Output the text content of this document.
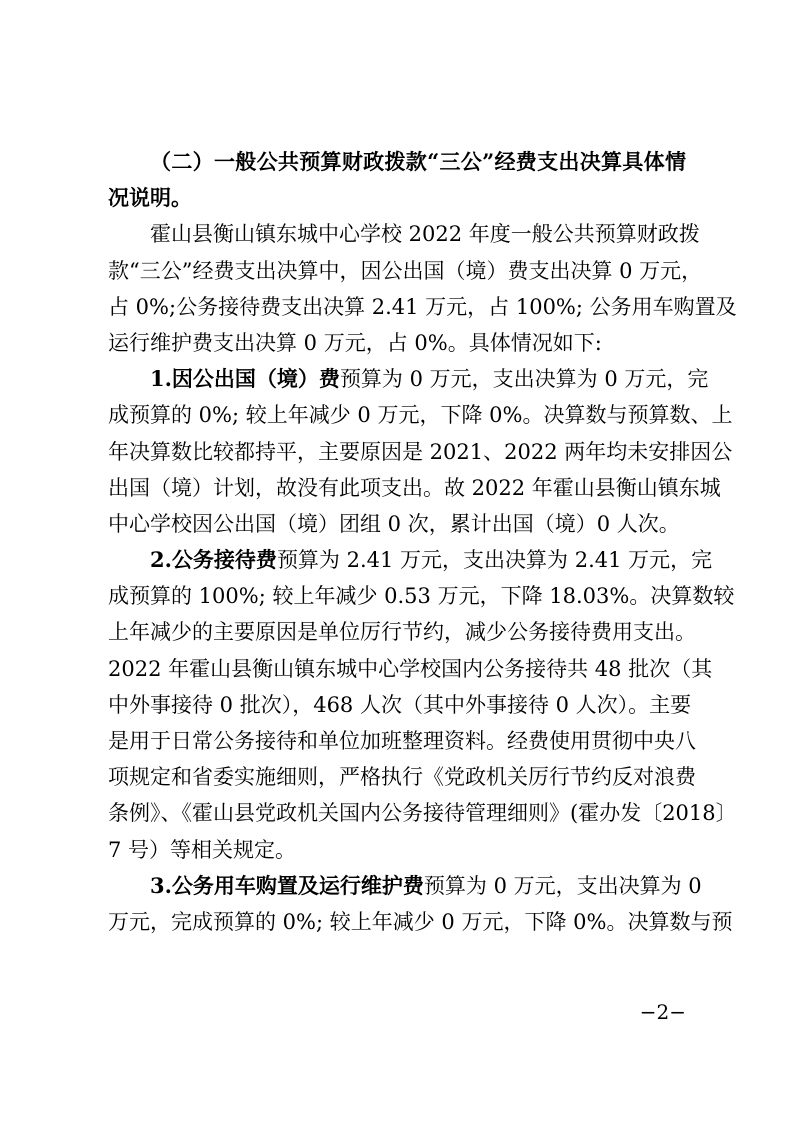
（二）一般公共预算财政拨款“三公”经费支出决算具体情
况说明。
霍山县衡山镇东城中心学校 2022 年度一般公共预算财政拨
款“三公”经费支出决算中，因公出国（境）费支出决算 0 万元，
占 0%;公务接待费支出决算 2.41 万元，占 100%; 公务用车购置及
运行维护费支出决算 0 万元，占 0%。具体情况如下:
1.因公出国（境）费预算为 0 万元，支出决算为 0 万元，完
成预算的 0%; 较上年减少 0 万元，下降 0%。决算数与预算数、上
年决算数比较都持平，主要原因是 2021、2022 两年均未安排因公
出国（境）计划，故没有此项支出。故 2022 年霍山县衡山镇东城
中心学校因公出国（境）团组 0 次，累计出国（境）0 人次。
2.公务接待费预算为 2.41 万元，支出决算为 2.41 万元，完
成预算的 100%; 较上年减少 0.53 万元，下降 18.03%。决算数较
上年减少的主要原因是单位厉行节约，减少公务接待费用支出。
2022 年霍山县衡山镇东城中心学校国内公务接待共 48 批次（其
中外事接待 0 批次），468 人次（其中外事接待 0 人次）。主要
是用于日常公务接待和单位加班整理资料。经费使用贯彻中央八
项规定和省委实施细则，严格执行《党政机关厉行节约反对浪费
条例》、《霍山县党政机关国内公务接待管理细则》(霍办发〔2018〕
7 号）等相关规定。
3.公务用车购置及运行维护费预算为 0 万元，支出决算为 0
万元，完成预算的 0%; 较上年减少 0 万元，下降 0%。决算数与预
−2−
